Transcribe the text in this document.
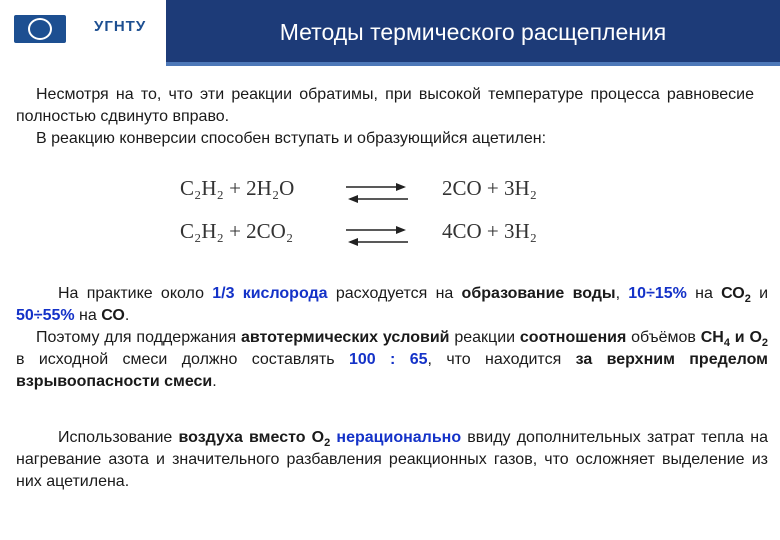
УГНТУ	Методы термического расщепления
Несмотря на то, что эти реакции обратимы, при высокой температуре процесса равновесие полностью сдвинуто вправо.
В реакцию конверсии способен вступать и образующийся ацетилен:
C₂H₂ + 2H₂O	2CO + 3H₂
C₂H₂ + 2CO₂	4CO + 3H₂
На практике около 1/3 кислорода расходуется на образование воды, 10÷15% на $СО_2$ и 50÷55% на СО.
Поэтому для поддержания автотермических условий реакции соотношения объёмов $СН_4$ и $О_2$ в исходной смеси должно составлять 100 : 65, что находится за верхним пределом взрывоопасности смеси.
Использование воздуха вместо $О_2$ нерационально ввиду дополнительных затрат тепла на нагревание азота и значительного разбавления реакционных газов, что осложняет выделение из них ацетилена.
